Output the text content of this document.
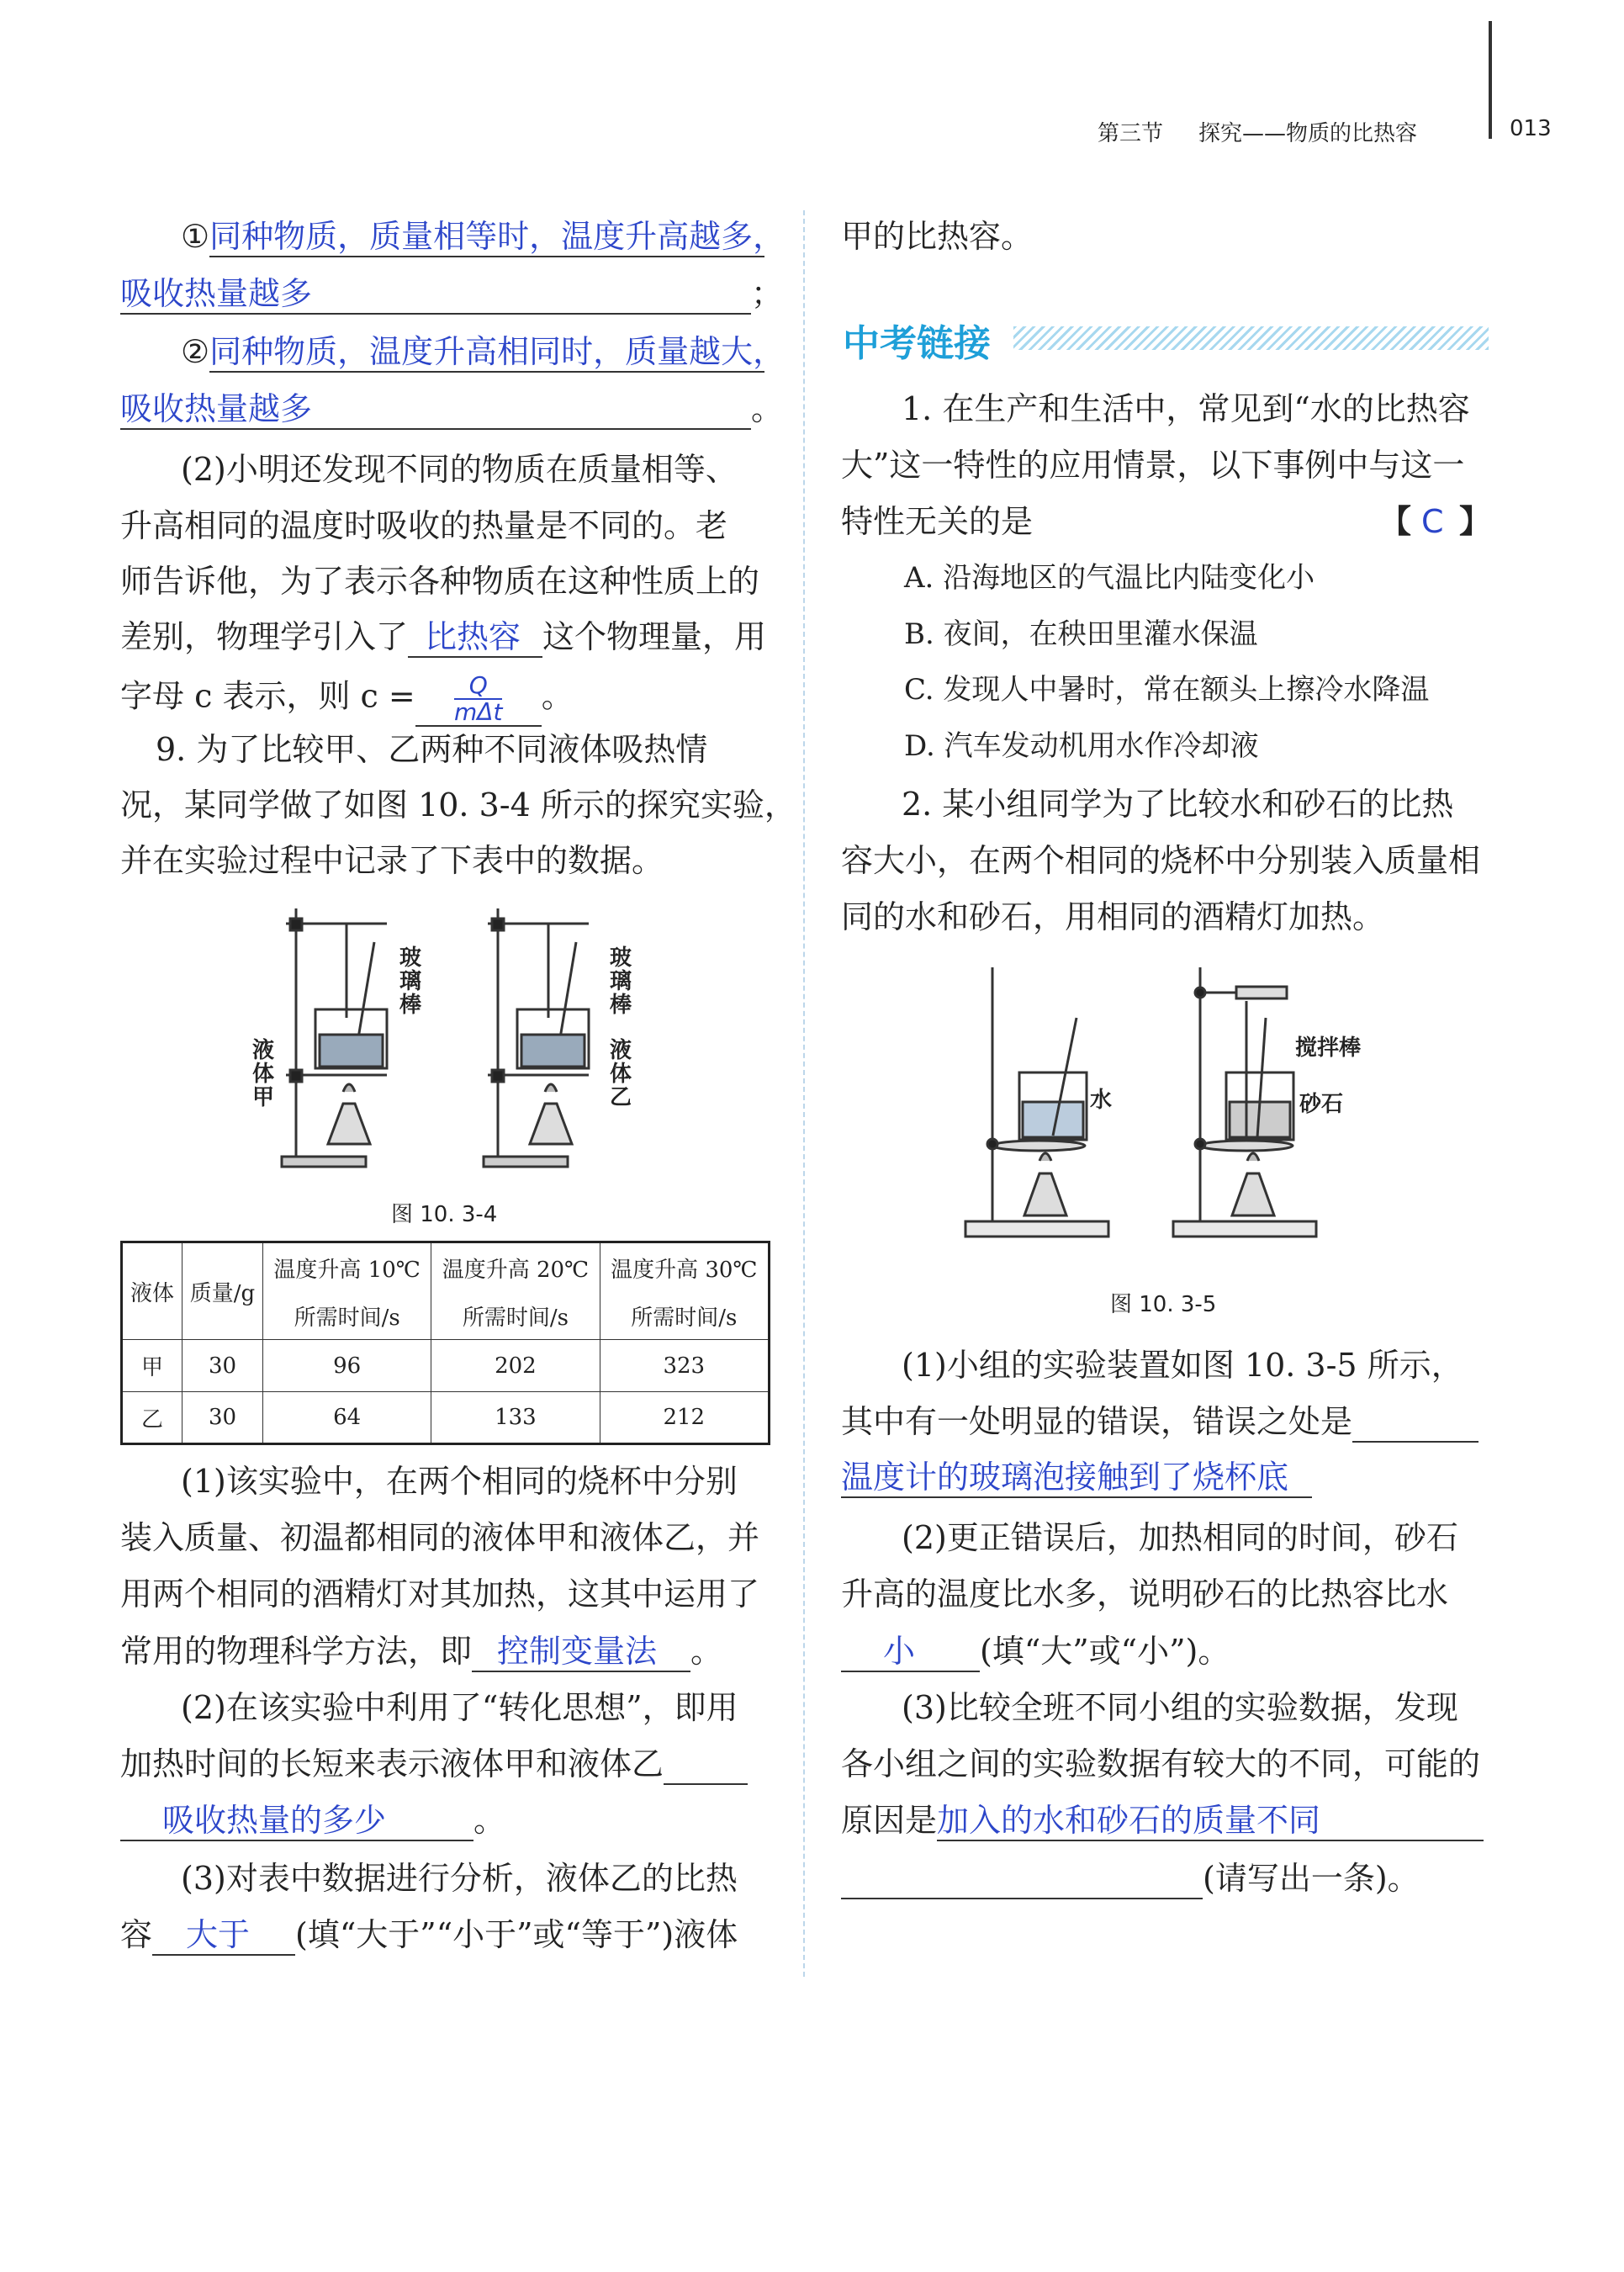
第三节 探究——物质的比热容	013
①同种物质，质量相等时，温度升高越多，
吸收热量越多	；
②同种物质，温度升高相同时，质量越大，
吸收热量越多	。
(2)小明还发现不同的物质在质量相等、
升高相同的温度时吸收的热量是不同的。老
师告诉他，为了表示各种物质在这种性质上的
差别，物理学引入了 比热容 这个物理量，用
字母 c 表示，则 $c = \frac{Q}{\text{mΔt}}$ 。
9. 为了比较甲、乙两种不同液体吸热情
况，某同学做了如图 10. 3-4 所示的探究实验，
并在实验过程中记录了下表中的数据。
玻璃棒
玻璃棒
液体甲
液体乙
图 10. 3-4
液体	质量/g	温度升高 10℃	温度升高 20℃	温度升高 30℃
		所需时间/s	所需时间/s	所需时间/s
甲	30	96	202	323
乙	30	64	133	212
(1)该实验中，在两个相同的烧杯中分别
装入质量、初温都相同的液体甲和液体乙，并
用两个相同的酒精灯对其加热，这其中运用了
常用的物理科学方法，即 控制变量法 。
(2)在该实验中利用了“转化思想”，即用
加热时间的长短来表示液体甲和液体乙
吸收热量的多少	。
(3)对表中数据进行分析，液体乙的比热
容 大于 (填“大于”“小于”或“等于”)液体
甲的比热容。
中考链接
1. 在生产和生活中，常见到“水的比热容
大”这一特性的应用情景，以下事例中与这一
特性无关的是	【 C 】
A. 沿海地区的气温比内陆变化小
B. 夜间，在秧田里灌水保温
C. 发现人中暑时，常在额头上擦冷水降温
D. 汽车发动机用水作冷却液
2. 某小组同学为了比较水和砂石的比热
容大小，在两个相同的烧杯中分别装入质量相
同的水和砂石，用相同的酒精灯加热。
水
搅拌棒
砂石
图 10. 3-5
(1)小组的实验装置如图 10. 3-5 所示，
其中有一处明显的错误，错误之处是
温度计的玻璃泡接触到了烧杯底
(2)更正错误后，加热相同的时间，砂石
升高的温度比水多，说明砂石的比热容比水
小 (填“大”或“小”)。
(3)比较全班不同小组的实验数据，发现
各小组之间的实验数据有较大的不同，可能的
原因是加入的水和砂石的质量不同
(请写出一条)。
